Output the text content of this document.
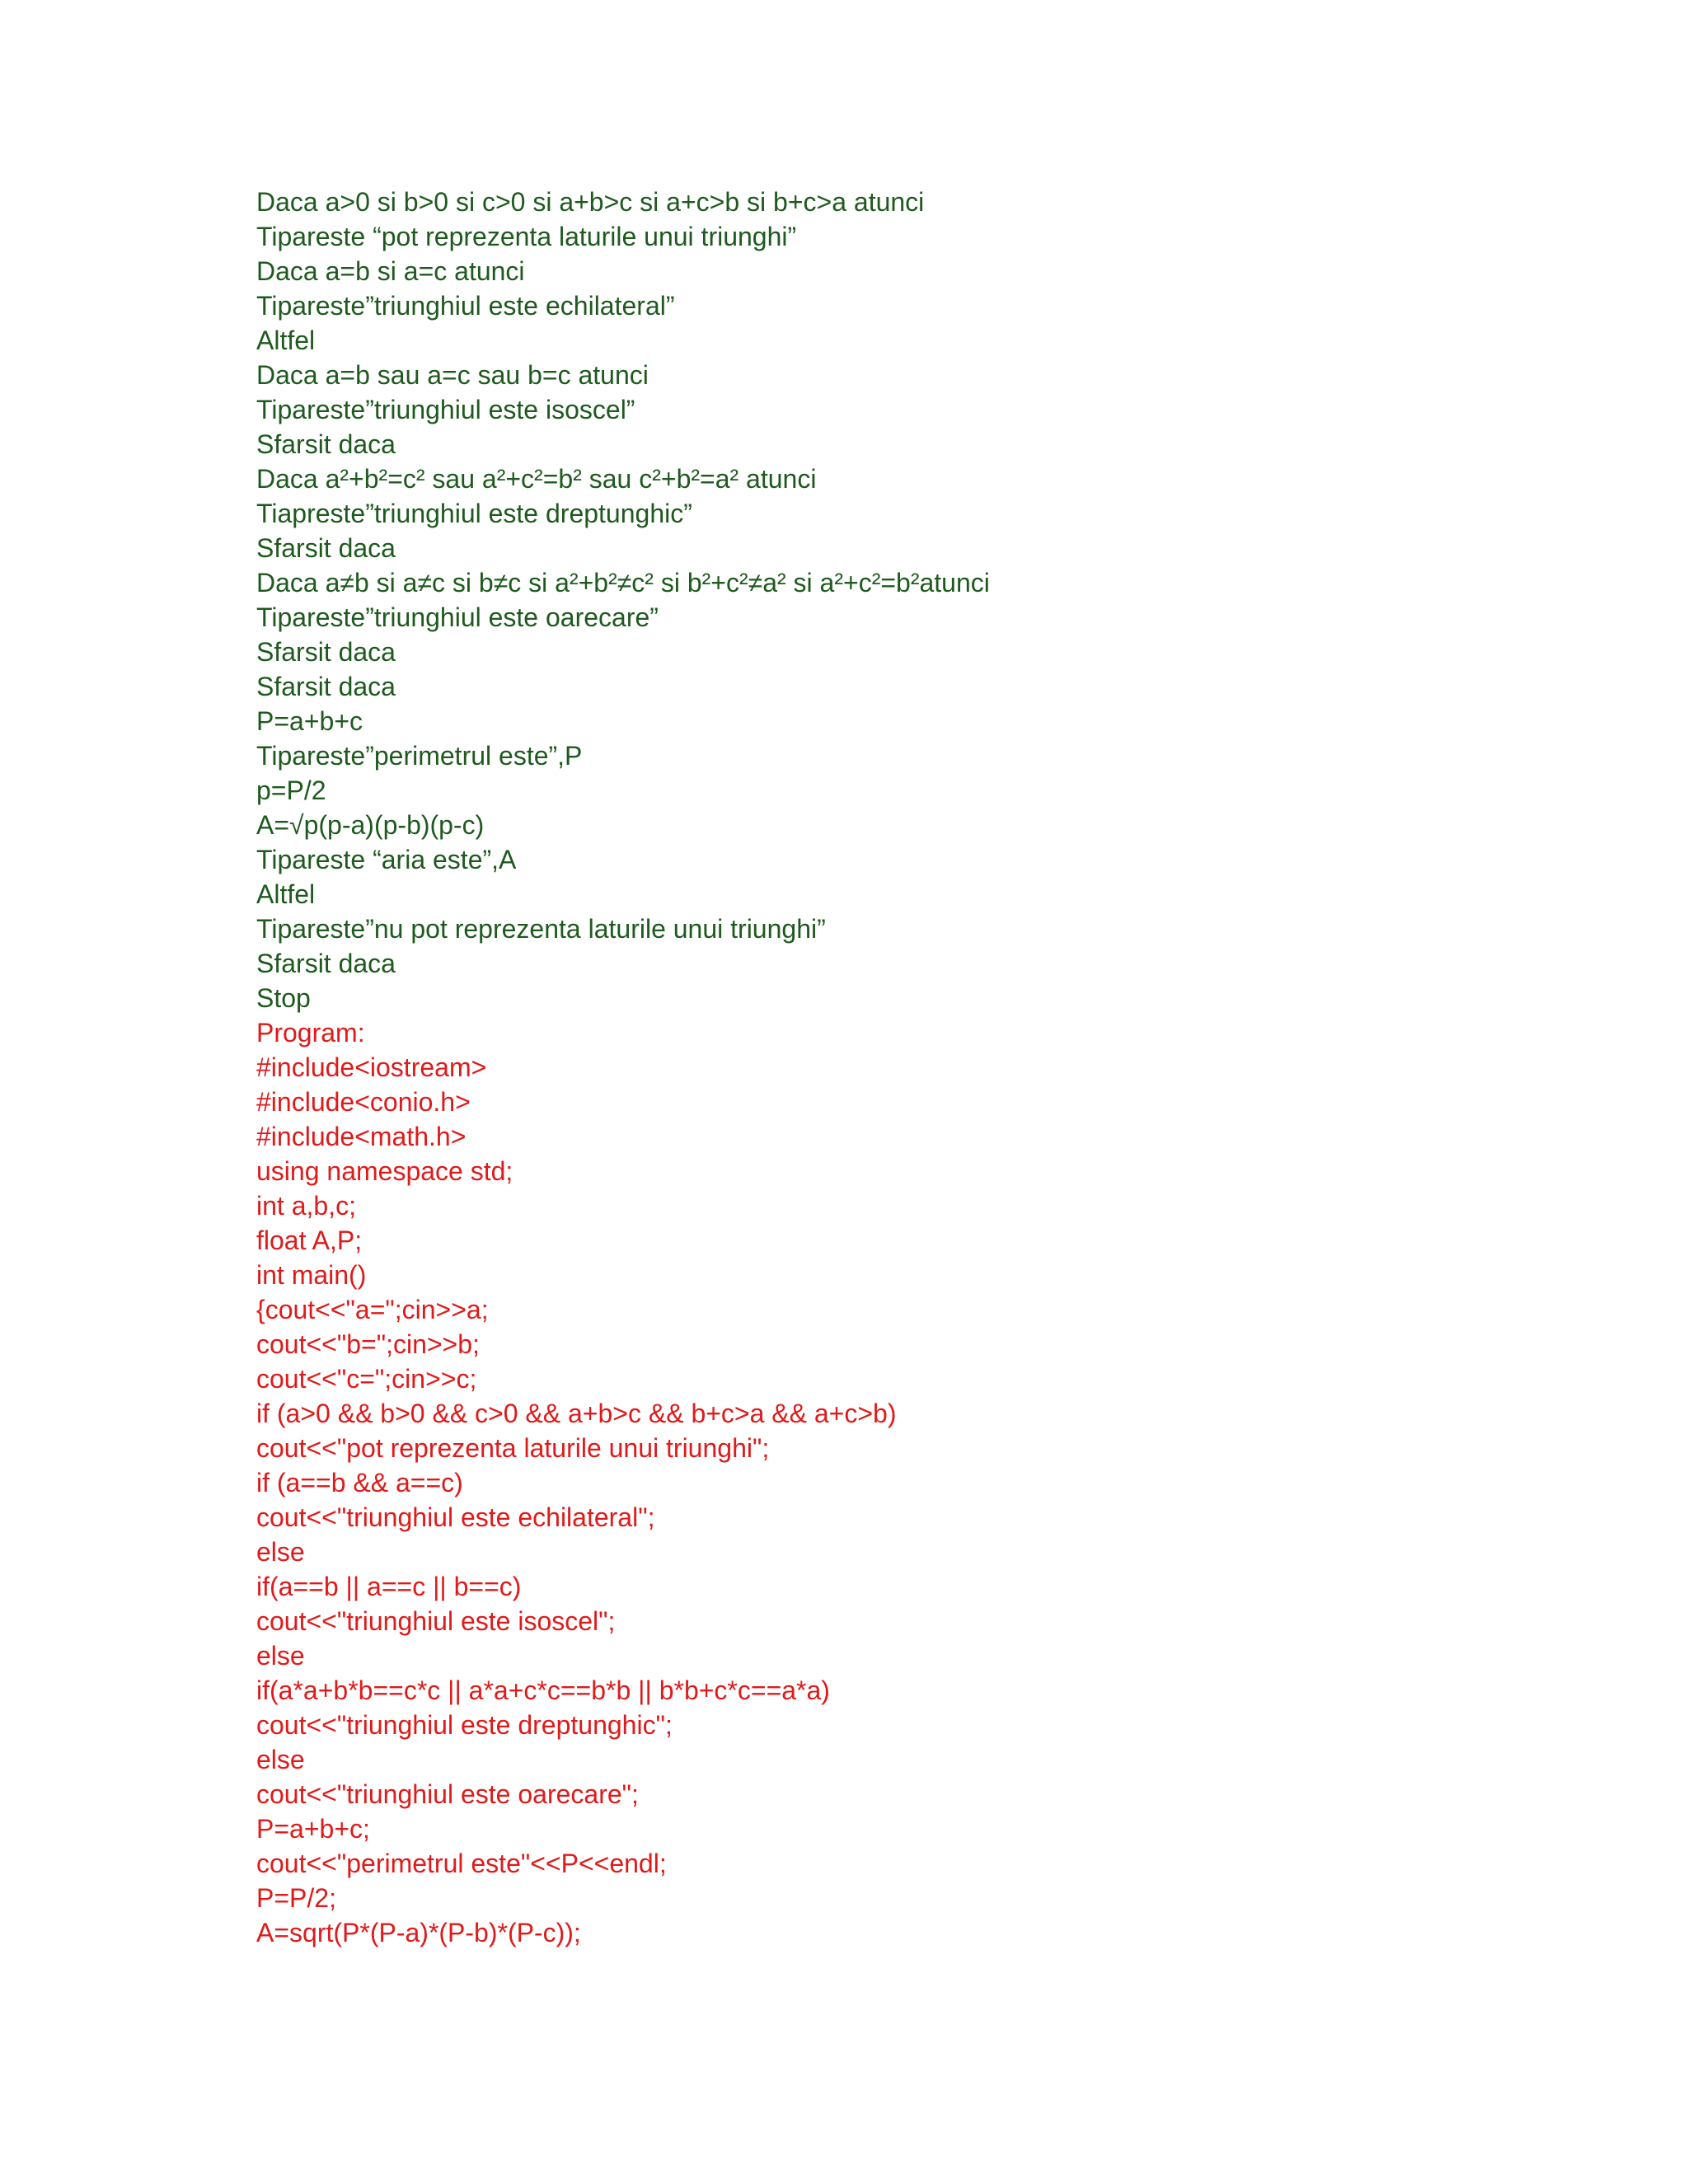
Daca a>0 si b>0 si c>0 si a+b>c si a+c>b si b+c>a atunci
Tipareste “pot reprezenta laturile unui triunghi”
Daca a=b si a=c atunci
Tipareste”triunghiul este echilateral”
Altfel
Daca a=b sau a=c sau b=c atunci
Tipareste”triunghiul este isoscel”
Sfarsit daca
Daca a²+b²=c² sau a²+c²=b² sau c²+b²=a² atunci
Tiapreste”triunghiul este dreptunghic”
Sfarsit daca
Daca a≠b si a≠c si b≠c si a²+b²≠c² si b²+c²≠a² si a²+c²=b²atunci
Tipareste”triunghiul este oarecare”
Sfarsit daca
Sfarsit daca
P=a+b+c
Tipareste”perimetrul este”,P
p=P/2
A=√p(p-a)(p-b)(p-c)
Tipareste “aria este”,A
Altfel
Tipareste”nu pot reprezenta laturile unui triunghi”
Sfarsit daca
Stop
Program:
#include<iostream>
#include<conio.h>
#include<math.h>
using namespace std;
int a,b,c;
float A,P;
int main()
{cout<<"a=";cin>>a;
cout<<"b=";cin>>b;
cout<<"c=";cin>>c;
if (a>0 && b>0 && c>0 && a+b>c && b+c>a && a+c>b)
cout<<"pot reprezenta laturile unui triunghi";
if (a==b && a==c)
cout<<"triunghiul este echilateral";
else
if(a==b || a==c || b==c)
cout<<"triunghiul este isoscel";
else
if(a*a+b*b==c*c || a*a+c*c==b*b || b*b+c*c==a*a)
cout<<"triunghiul este dreptunghic";
else
cout<<"triunghiul este oarecare";
P=a+b+c;
cout<<"perimetrul este"<<P<<endl;
P=P/2;
A=sqrt(P*(P-a)*(P-b)*(P-c));
